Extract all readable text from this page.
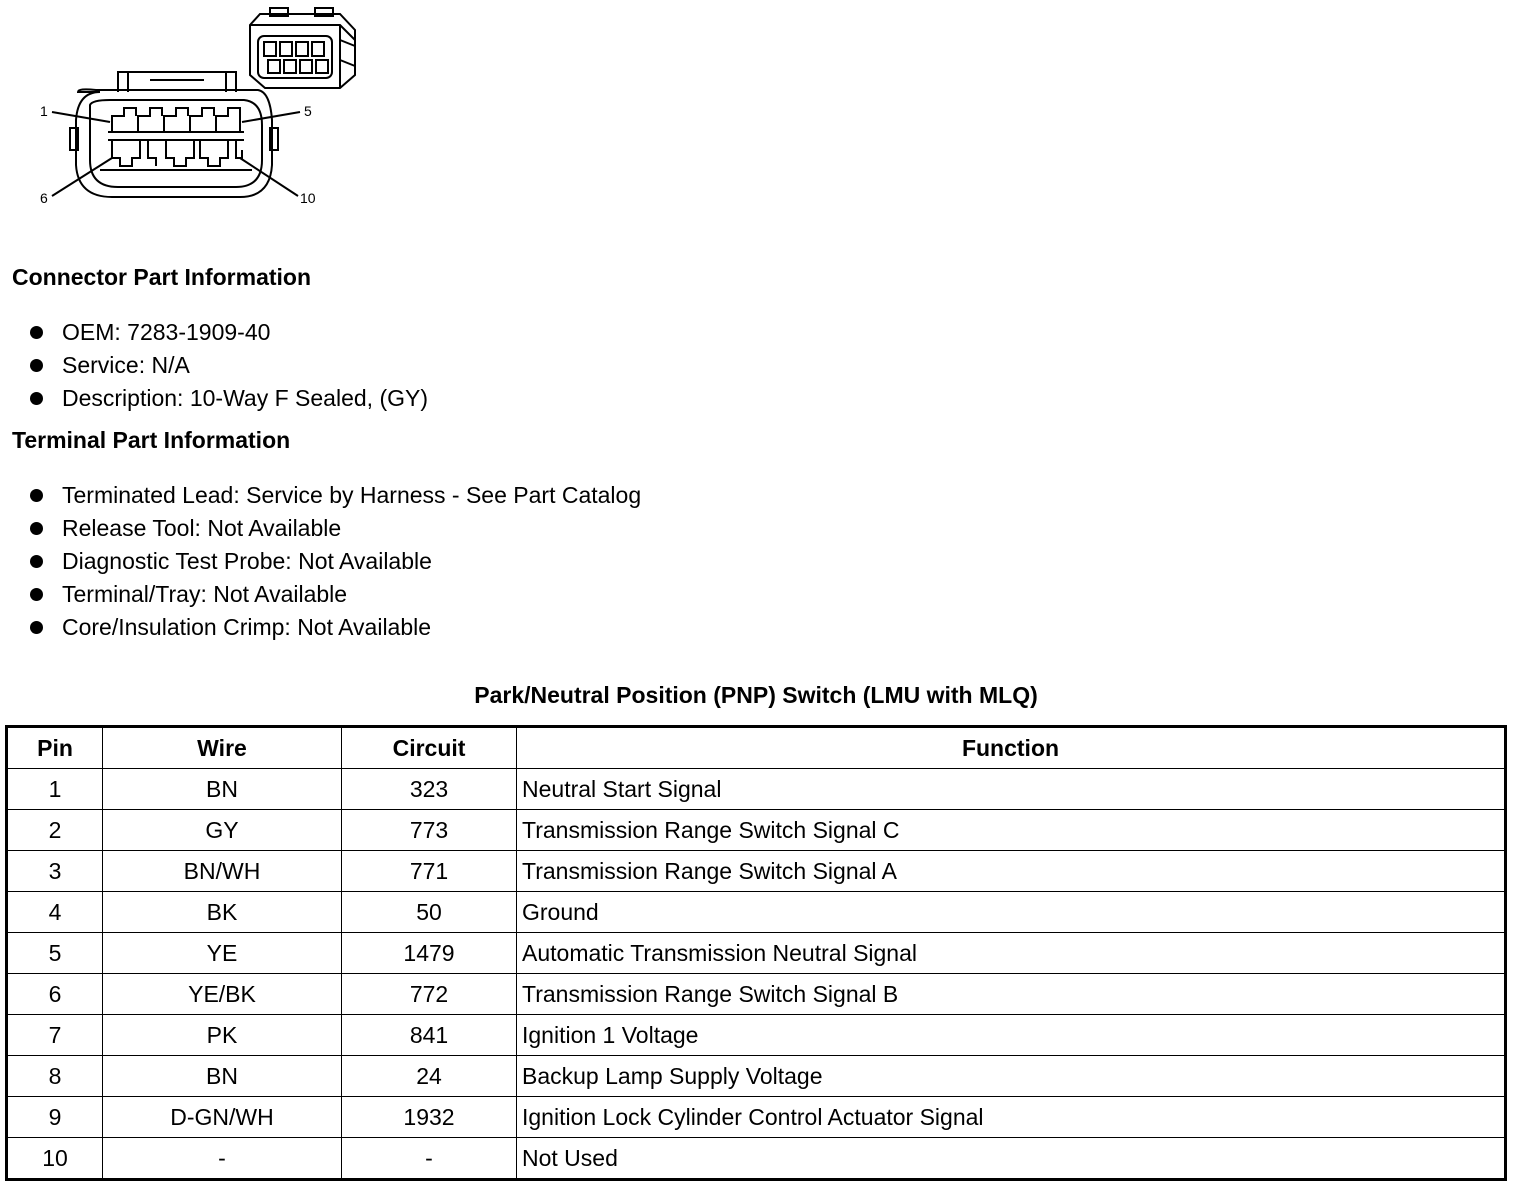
1	5
6	10
Connector Part Information
OEM: 7283-1909-40
Service: N/A
Description: 10-Way F Sealed, (GY)
Terminal Part Information
Terminated Lead: Service by Harness - See Part Catalog
Release Tool: Not Available
Diagnostic Test Probe: Not Available
Terminal/Tray: Not Available
Core/Insulation Crimp: Not Available
Park/Neutral Position (PNP) Switch (LMU with MLQ)
Pin	Wire	Circuit	Function
1	BN	323	Neutral Start Signal
2	GY	773	Transmission Range Switch Signal C
3	BN/WH	771	Transmission Range Switch Signal A
4	BK	50	Ground
5	YE	1479	Automatic Transmission Neutral Signal
6	YE/BK	772	Transmission Range Switch Signal B
7	PK	841	Ignition 1 Voltage
8	BN	24	Backup Lamp Supply Voltage
9	D-GN/WH	1932	Ignition Lock Cylinder Control Actuator Signal
10	-	-	Not Used
